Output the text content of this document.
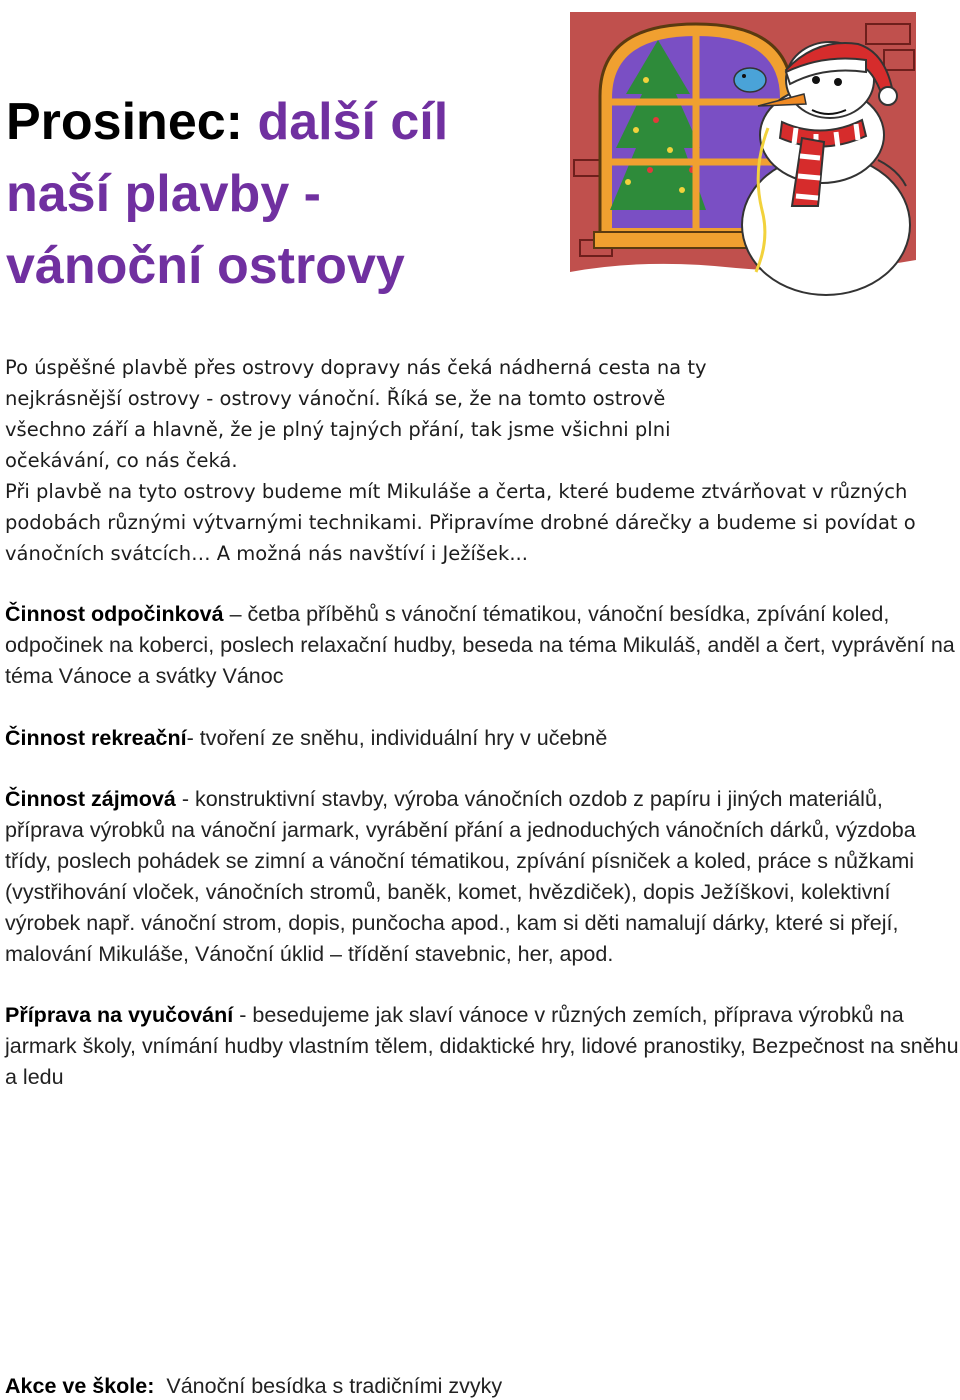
Prosinec: další cíl
naší plavby -
vánoční ostrovy

Po úspěšné plavbě přes ostrovy dopravy nás čeká nádherná cesta na ty
nejkrásnější ostrovy - ostrovy vánoční. Říká se, že na tomto ostrově
všechno září a hlavně, že je plný tajných přání, tak jsme všichni plni
očekávání, co nás čeká.

Při plavbě na tyto ostrovy budeme mít Mikuláše a čerta, které budeme ztvárňovat v různých podobách různými výtvarnými technikami. Připravíme drobné dárečky a budeme si povídat o vánočních svátcích… A možná nás navštíví i Ježíšek...

Činnost odpočinková – četba příběhů s vánoční tématikou, vánoční besídka, zpívání koled, odpočinek na koberci, poslech relaxační hudby, beseda na téma Mikuláš, anděl a čert, vyprávění na téma Vánoce a svátky Vánoc

Činnost rekreační- tvoření ze sněhu, individuální hry v učebně

Činnost zájmová - konstruktivní stavby, výroba vánočních ozdob z papíru i jiných materiálů, příprava výrobků na vánoční jarmark, vyrábění přání a jednoduchých vánočních dárků, výzdoba třídy, poslech pohádek se zimní a vánoční tématikou, zpívání písniček a koled, práce s nůžkami (vystřihování vloček, vánočních stromů, baněk, komet, hvězdiček), dopis Ježíškovi, kolektivní výrobek např. vánoční strom, dopis, punčocha apod., kam si děti namalují dárky, které si přejí, malování Mikuláše, Vánoční úklid – třídění stavebnic, her, apod.

Příprava na vyučování - besedujeme jak slaví vánoce v různých zemích, příprava výrobků na jarmark školy, vnímání hudby vlastním tělem, didaktické hry, lidové pranostiky, Bezpečnost na sněhu a ledu

Akce ve škole: Vánoční besídka s tradičními zvyky
